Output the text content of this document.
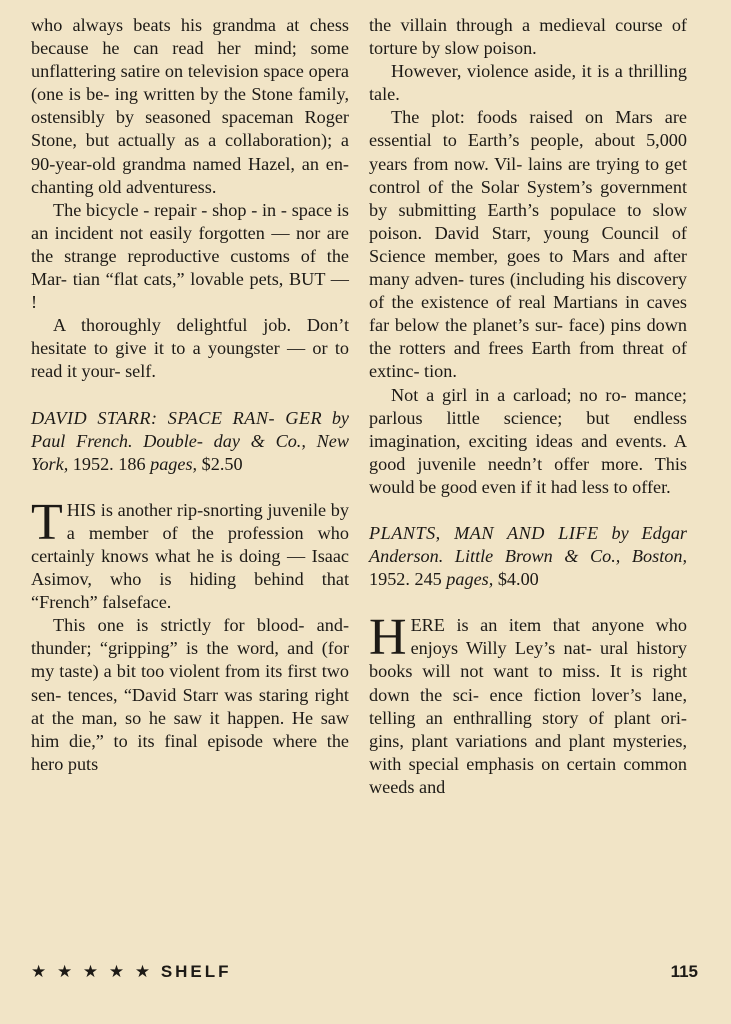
who always beats his grandma at chess because he can read her mind; some unflattering satire on television space opera (one is be- ing written by the Stone family, ostensibly by seasoned spaceman Roger Stone, but actually as a collaboration); a 90-year-old grandma named Hazel, an en- chanting old adventuress.

The bicycle - repair - shop - in - space is an incident not easily forgotten — nor are the strange reproductive customs of the Mar- tian “flat cats,” lovable pets, BUT — !

A thoroughly delightful job. Don’t hesitate to give it to a youngster — or to read it your- self.

DAVID STARR: SPACE RAN- GER by Paul French. Double- day & Co., New York, 1952. 186 pages, $2.50

THIS is another rip-snorting juvenile by a member of the profession who certainly knows what he is doing — Isaac Asimov, who is hiding behind that “French” falseface.

This one is strictly for blood- and-thunder; “gripping” is the word, and (for my taste) a bit too violent from its first two sen- tences, “David Starr was staring right at the man, so he saw it happen. He saw him die,” to its final episode where the hero puts

the villain through a medieval course of torture by slow poison.

However, violence aside, it is a thrilling tale.

The plot: foods raised on Mars are essential to Earth’s people, about 5,000 years from now. Vil- lains are trying to get control of the Solar System’s government by submitting Earth’s populace to slow poison. David Starr, young Council of Science member, goes to Mars and after many adven- tures (including his discovery of the existence of real Martians in caves far below the planet’s sur- face) pins down the rotters and frees Earth from threat of extinc- tion.

Not a girl in a carload; no ro- mance; parlous little science; but endless imagination, exciting ideas and events. A good juvenile needn’t offer more. This would be good even if it had less to offer.

PLANTS, MAN AND LIFE by Edgar Anderson. Little Brown & Co., Boston, 1952. 245 pages, $4.00

HERE is an item that anyone who enjoys Willy Ley’s nat- ural history books will not want to miss. It is right down the sci- ence fiction lover’s lane, telling an enthralling story of plant ori- gins, plant variations and plant mysteries, with special emphasis on certain common weeds and

★ ★ ★ ★ ★ SHELF	115
